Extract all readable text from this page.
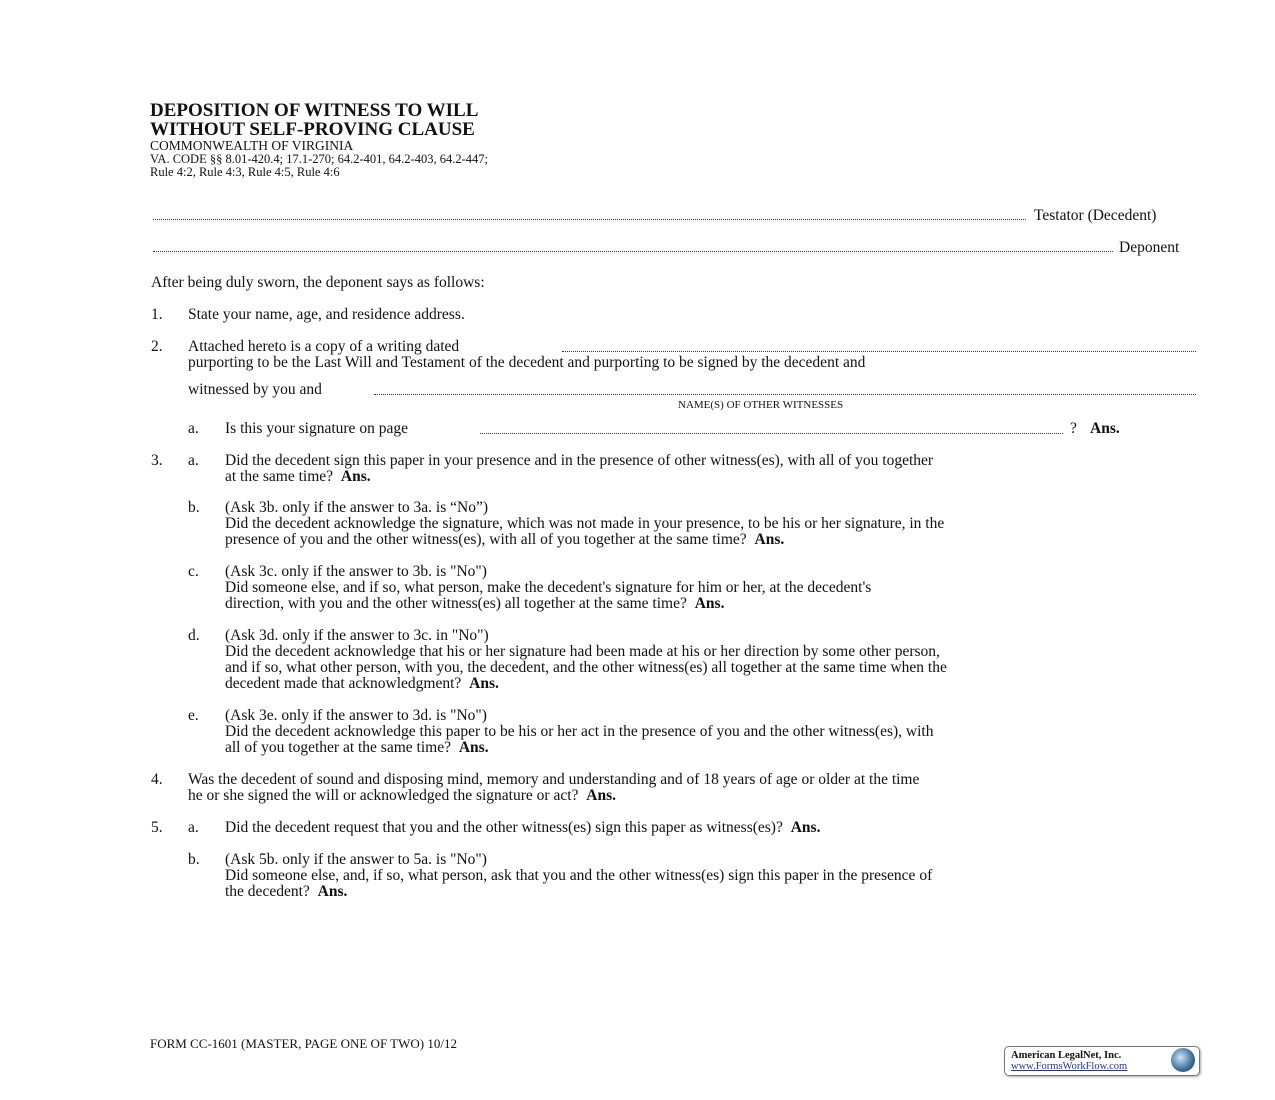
DEPOSITION OF WITNESS TO WILL
WITHOUT SELF-PROVING CLAUSE
COMMONWEALTH OF VIRGINIA
VA. CODE §§ 8.01-420.4; 17.1-270; 64.2-401, 64.2-403, 64.2-447;
Rule 4:2, Rule 4:3, Rule 4:5, Rule 4:6
Testator (Decedent)
Deponent
After being duly sworn, the deponent says as follows:
1. State your name, age, and residence address.
2. Attached hereto is a copy of a writing dated
purporting to be the Last Will and Testament of the decedent and purporting to be signed by the decedent and
witnessed by you and
NAME(S) OF OTHER WITNESSES
a. Is this your signature on page	? Ans.
3. a. Did the decedent sign this paper in your presence and in the presence of other witness(es), with all of you together
at the same time? Ans.
b. (Ask 3b. only if the answer to 3a. is “No”)
Did the decedent acknowledge the signature, which was not made in your presence, to be his or her signature, in the
presence of you and the other witness(es), with all of you together at the same time? Ans.
c. (Ask 3c. only if the answer to 3b. is "No")
Did someone else, and if so, what person, make the decedent's signature for him or her, at the decedent's
direction, with you and the other witness(es) all together at the same time? Ans.
d. (Ask 3d. only if the answer to 3c. in "No")
Did the decedent acknowledge that his or her signature had been made at his or her direction by some other person,
and if so, what other person, with you, the decedent, and the other witness(es) all together at the same time when the
decedent made that acknowledgment? Ans.
e. (Ask 3e. only if the answer to 3d. is "No")
Did the decedent acknowledge this paper to be his or her act in the presence of you and the other witness(es), with
all of you together at the same time? Ans.
4. Was the decedent of sound and disposing mind, memory and understanding and of 18 years of age or older at the time
he or she signed the will or acknowledged the signature or act? Ans.
5. a. Did the decedent request that you and the other witness(es) sign this paper as witness(es)? Ans.
b. (Ask 5b. only if the answer to 5a. is "No")
Did someone else, and, if so, what person, ask that you and the other witness(es) sign this paper in the presence of
the decedent? Ans.
FORM CC-1601 (MASTER, PAGE ONE OF TWO) 10/12
American LegalNet, Inc.
www.FormsWorkFlow.com
